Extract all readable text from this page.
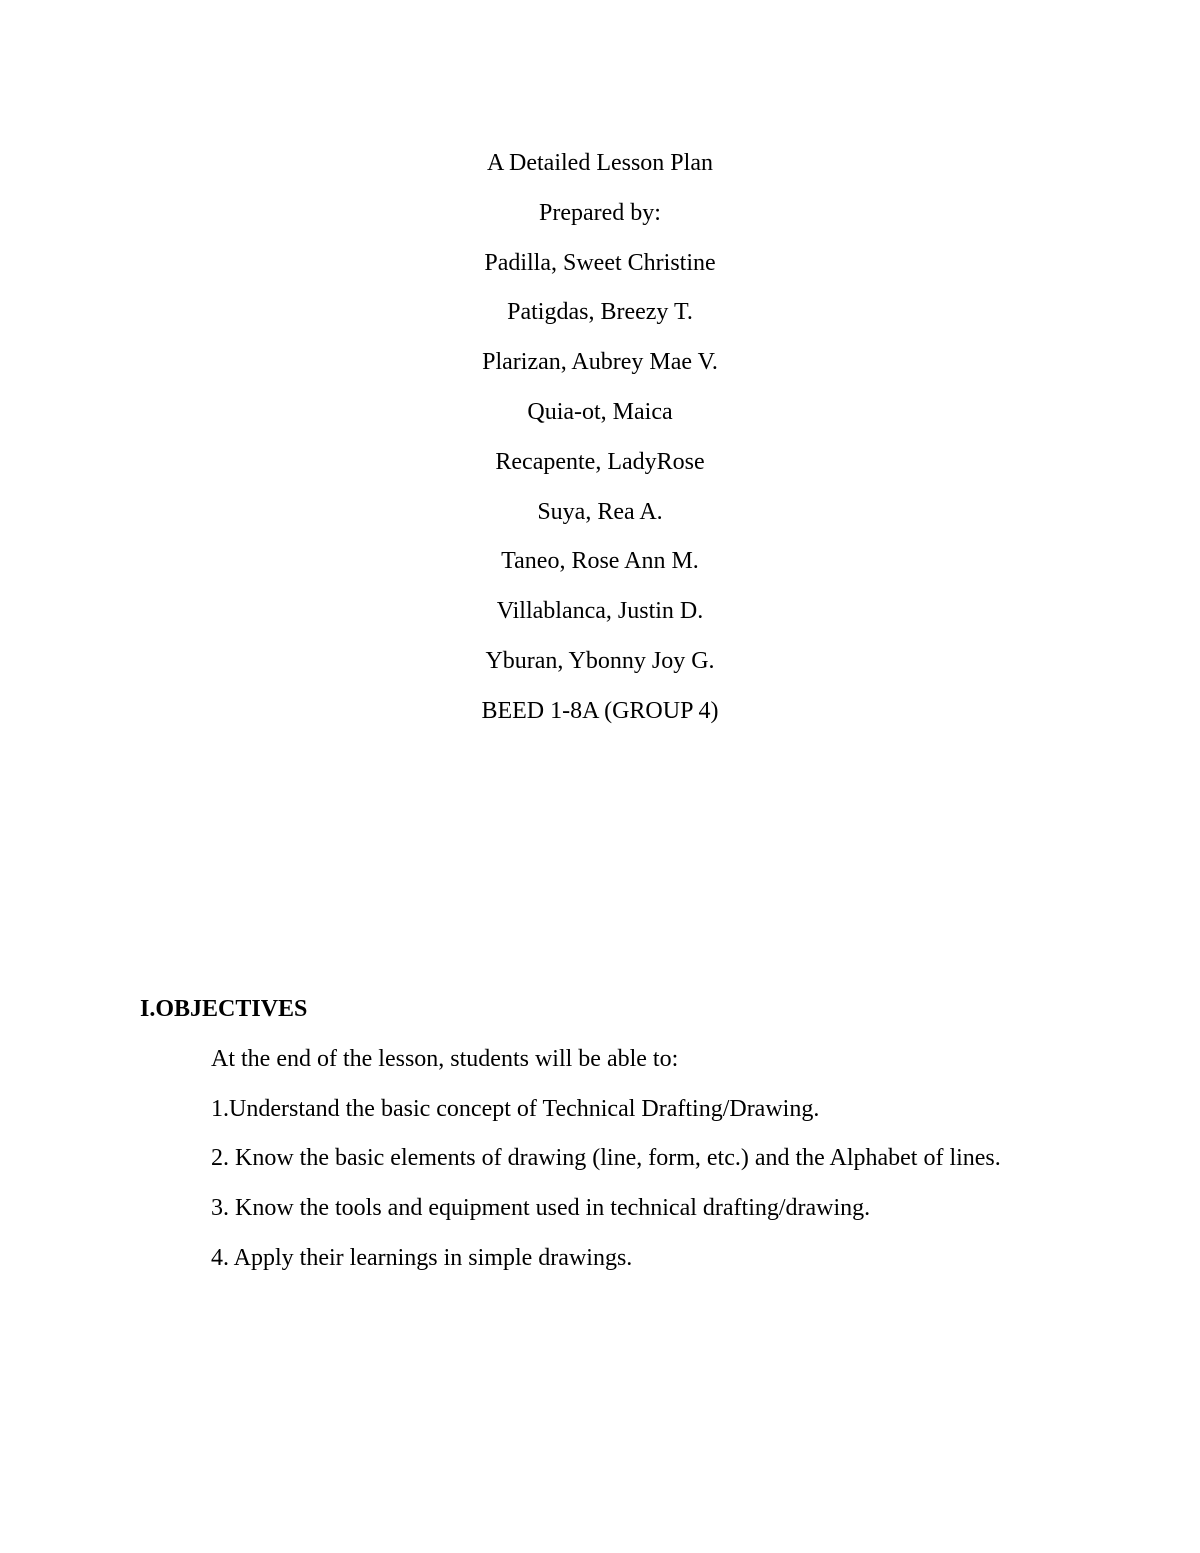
A Detailed Lesson Plan
Prepared by:
Padilla, Sweet Christine
Patigdas, Breezy T.
Plarizan, Aubrey Mae V.
Quia-ot, Maica
Recapente, LadyRose
Suya, Rea A.
Taneo, Rose Ann M.
Villablanca, Justin D.
Yburan, Ybonny Joy G.
BEED 1-8A (GROUP 4)
I.OBJECTIVES
At the end of the lesson, students will be able to:
1.Understand the basic concept of Technical Drafting/Drawing.
2. Know the basic elements of drawing (line, form, etc.) and the Alphabet of lines.
3. Know the tools and equipment used in technical drafting/drawing.
4. Apply their learnings in simple drawings.
